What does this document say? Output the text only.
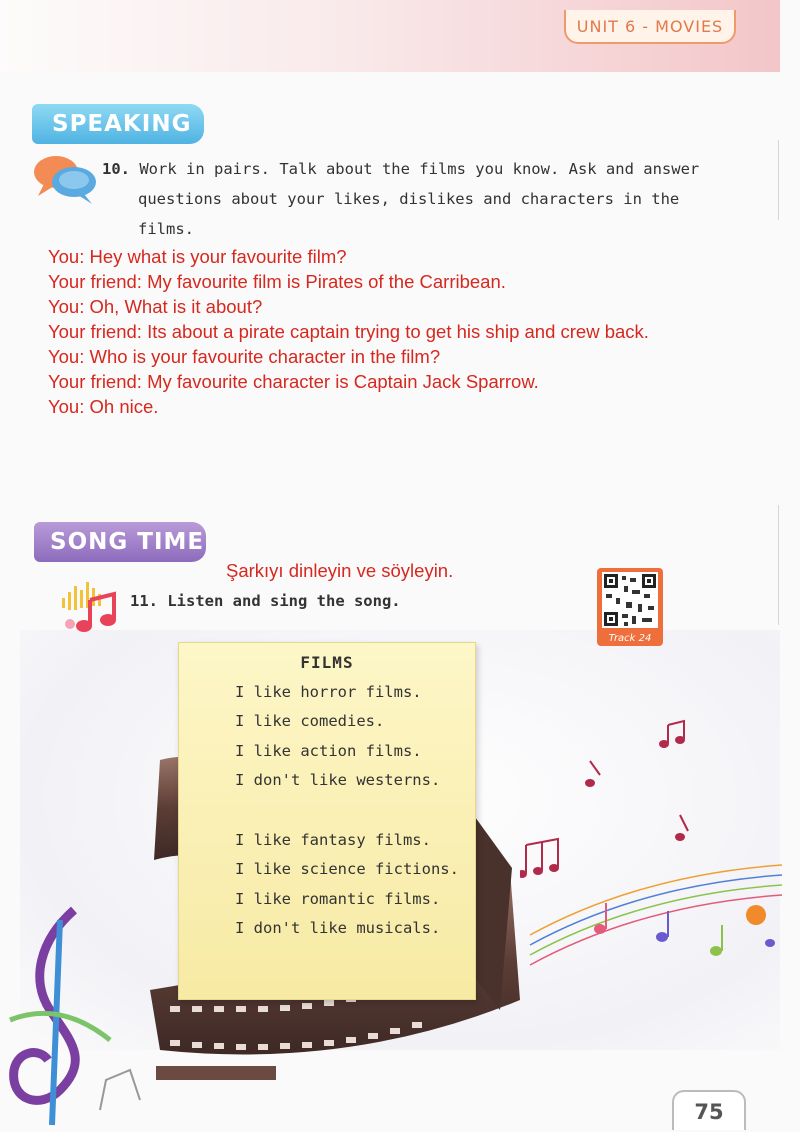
UNIT 6 - MOVIES
SPEAKING
10. Work in pairs. Talk about the films you know. Ask and answer
questions about your likes, dislikes and characters in the films.
You: Hey what is your favourite film?
Your friend: My favourite film is Pirates of the Carribean.
You: Oh, What is it about?
Your friend: Its about a pirate captain trying to get his ship and crew back.
You: Who is your favourite character in the film?
Your friend: My favourite character is Captain Jack Sparrow.
You: Oh nice.
SONG TIME
Şarkıyı dinleyin ve söyleyin.
11. Listen and sing the song.
Track 24
FILMS
I like horror films.
I like comedies.
I like action films.
I don't like westerns.
I like fantasy films.
I like science fictions.
I like romantic films.
I don't like musicals.
75
